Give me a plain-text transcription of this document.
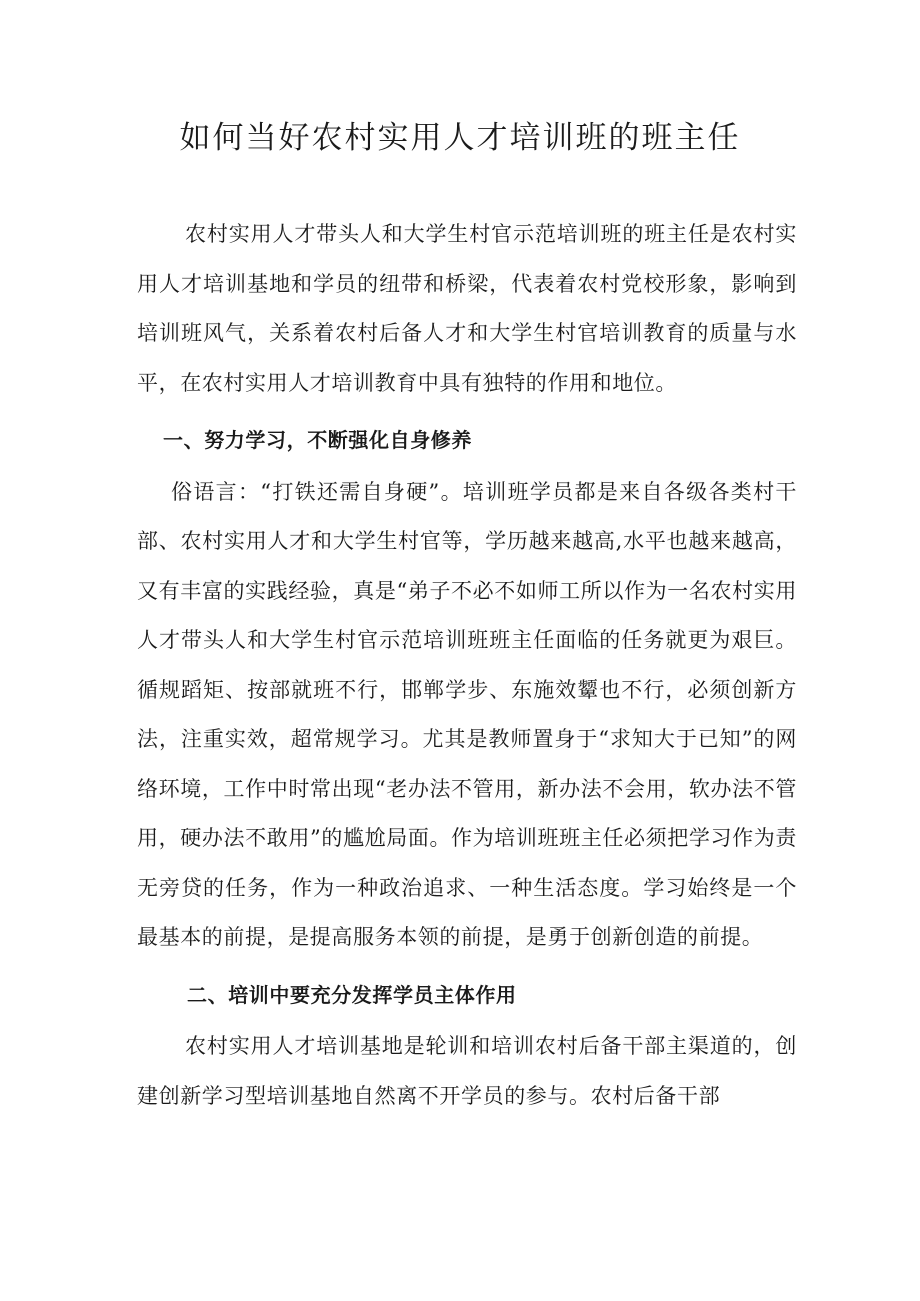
如何当好农村实用人才培训班的班主任

农村实用人才带头人和大学生村官示范培训班的班主任是农村实用人才培训基地和学员的纽带和桥梁，代表着农村党校形象，影响到培训班风气，关系着农村后备人才和大学生村官培训教育的质量与水平，在农村实用人才培训教育中具有独特的作用和地位。

一、努力学习，不断强化自身修养

俗语言：“打铁还需自身硬”。培训班学员都是来自各级各类村干部、农村实用人才和大学生村官等，学历越来越高,水平也越来越高，又有丰富的实践经验，真是“弟子不必不如师工所以作为一名农村实用人才带头人和大学生村官示范培训班班主任面临的任务就更为艰巨。循规蹈矩、按部就班不行，邯郸学步、东施效颦也不行，必须创新方法，注重实效，超常规学习。尤其是教师置身于“求知大于已知”的网络环境，工作中时常出现“老办法不管用，新办法不会用，软办法不管用，硬办法不敢用”的尴尬局面。作为培训班班主任必须把学习作为责无旁贷的任务，作为一种政治追求、一种生活态度。学习始终是一个最基本的前提，是提高服务本领的前提，是勇于创新创造的前提。

二、培训中要充分发挥学员主体作用

农村实用人才培训基地是轮训和培训农村后备干部主渠道的，创建创新学习型培训基地自然离不开学员的参与。农村后备干部
